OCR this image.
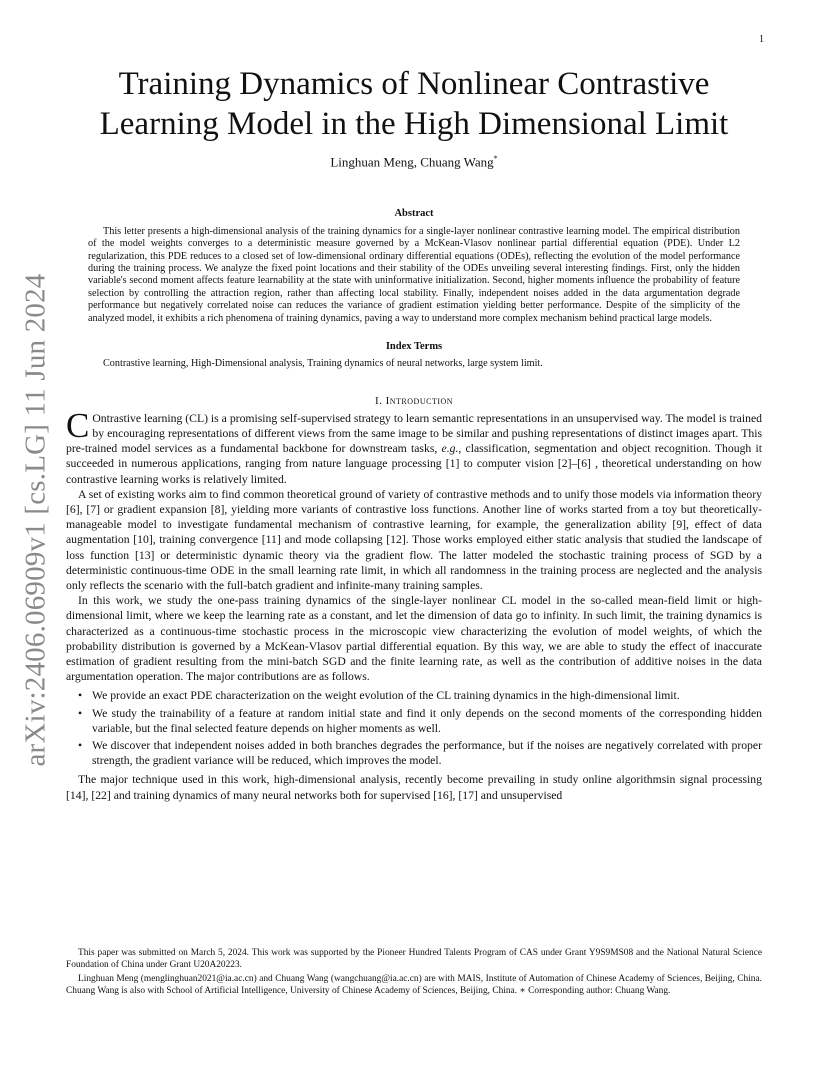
1
arXiv:2406.06909v1 [cs.LG] 11 Jun 2024
Training Dynamics of Nonlinear Contrastive Learning Model in the High Dimensional Limit
Linghuan Meng, Chuang Wang*
Abstract

This letter presents a high-dimensional analysis of the training dynamics for a single-layer nonlinear contrastive learning model. The empirical distribution of the model weights converges to a deterministic measure governed by a McKean-Vlasov nonlinear partial differential equation (PDE). Under L2 regularization, this PDE reduces to a closed set of low-dimensional ordinary differential equations (ODEs), reflecting the evolution of the model performance during the training process. We analyze the fixed point locations and their stability of the ODEs unveiling several interesting findings. First, only the hidden variable's second moment affects feature learnability at the state with uninformative initialization. Second, higher moments influence the probability of feature selection by controlling the attraction region, rather than affecting local stability. Finally, independent noises added in the data argumentation degrade performance but negatively correlated noise can reduces the variance of gradient estimation yielding better performance. Despite of the simplicity of the analyzed model, it exhibits a rich phenomena of training dynamics, paving a way to understand more complex mechanism behind practical large models.

Index Terms

Contrastive learning, High-Dimensional analysis, Training dynamics of neural networks, large system limit.

I. Introduction

C Ontrastive learning (CL) is a promising self-supervised strategy to learn semantic representations in an unsupervised way. The model is trained by encouraging representations of different views from the same image to be similar and pushing representations of distinct images apart. This pre-trained model services as a fundamental backbone for downstream tasks, e.g., classification, segmentation and object recognition. Though it succeeded in numerous applications, ranging from nature language processing [1] to computer vision [2]–[6] , theoretical understanding on how contrastive learning works is relatively limited.

A set of existing works aim to find common theoretical ground of variety of contrastive methods and to unify those models via information theory [6], [7] or gradient expansion [8], yielding more variants of contrastive loss functions. Another line of works started from a toy but theoretically-manageable model to investigate fundamental mechanism of contrastive learning, for example, the generalization ability [9], effect of data augmentation [10], training convergence [11] and mode collapsing [12]. Those works employed either static analysis that studied the landscape of loss function [13] or deterministic dynamic theory via the gradient flow. The latter modeled the stochastic training process of SGD by a deterministic continuous-time ODE in the small learning rate limit, in which all randomness in the training process are neglected and the analysis only reflects the scenario with the full-batch gradient and infinite-many training samples.

In this work, we study the one-pass training dynamics of the single-layer nonlinear CL model in the so-called mean-field limit or high-dimensional limit, where we keep the learning rate as a constant, and let the dimension of data go to infinity. In such limit, the training dynamics is characterized as a continuous-time stochastic process in the microscopic view characterizing the evolution of model weights, of which the probability distribution is governed by a McKean-Vlasov partial differential equation. By this way, we are able to study the effect of inaccurate estimation of gradient resulting from the mini-batch SGD and the finite learning rate, as well as the contribution of additive noises in the data argumentation operation. The major contributions are as follows.

• We provide an exact PDE characterization on the weight evolution of the CL training dynamics in the high-dimensional limit.
• We study the trainability of a feature at random initial state and find it only depends on the second moments of the corresponding hidden variable, but the final selected feature depends on higher moments as well.
• We discover that independent noises added in both branches degrades the performance, but if the noises are negatively correlated with proper strength, the gradient variance will be reduced, which improves the model.

The major technique used in this work, high-dimensional analysis, recently become prevailing in study online algorithmsin signal processing [14], [22] and training dynamics of many neural networks both for supervised [16], [17] and unsupervised

This paper was submitted on March 5, 2024. This work was supported by the Pioneer Hundred Talents Program of CAS under Grant Y9S9MS08 and the National Natural Science Foundation of China under Grant U20A20223.

Linghuan Meng (menglinghuan2021@ia.ac.cn) and Chuang Wang (wangchuang@ia.ac.cn) are with MAIS, Institute of Automation of Chinese Academy of Sciences, Beijing, China. Chuang Wang is also with School of Artificial Intelligence, University of Chinese Academy of Sciences, Beijing, China. ∗ Corresponding author: Chuang Wang.
